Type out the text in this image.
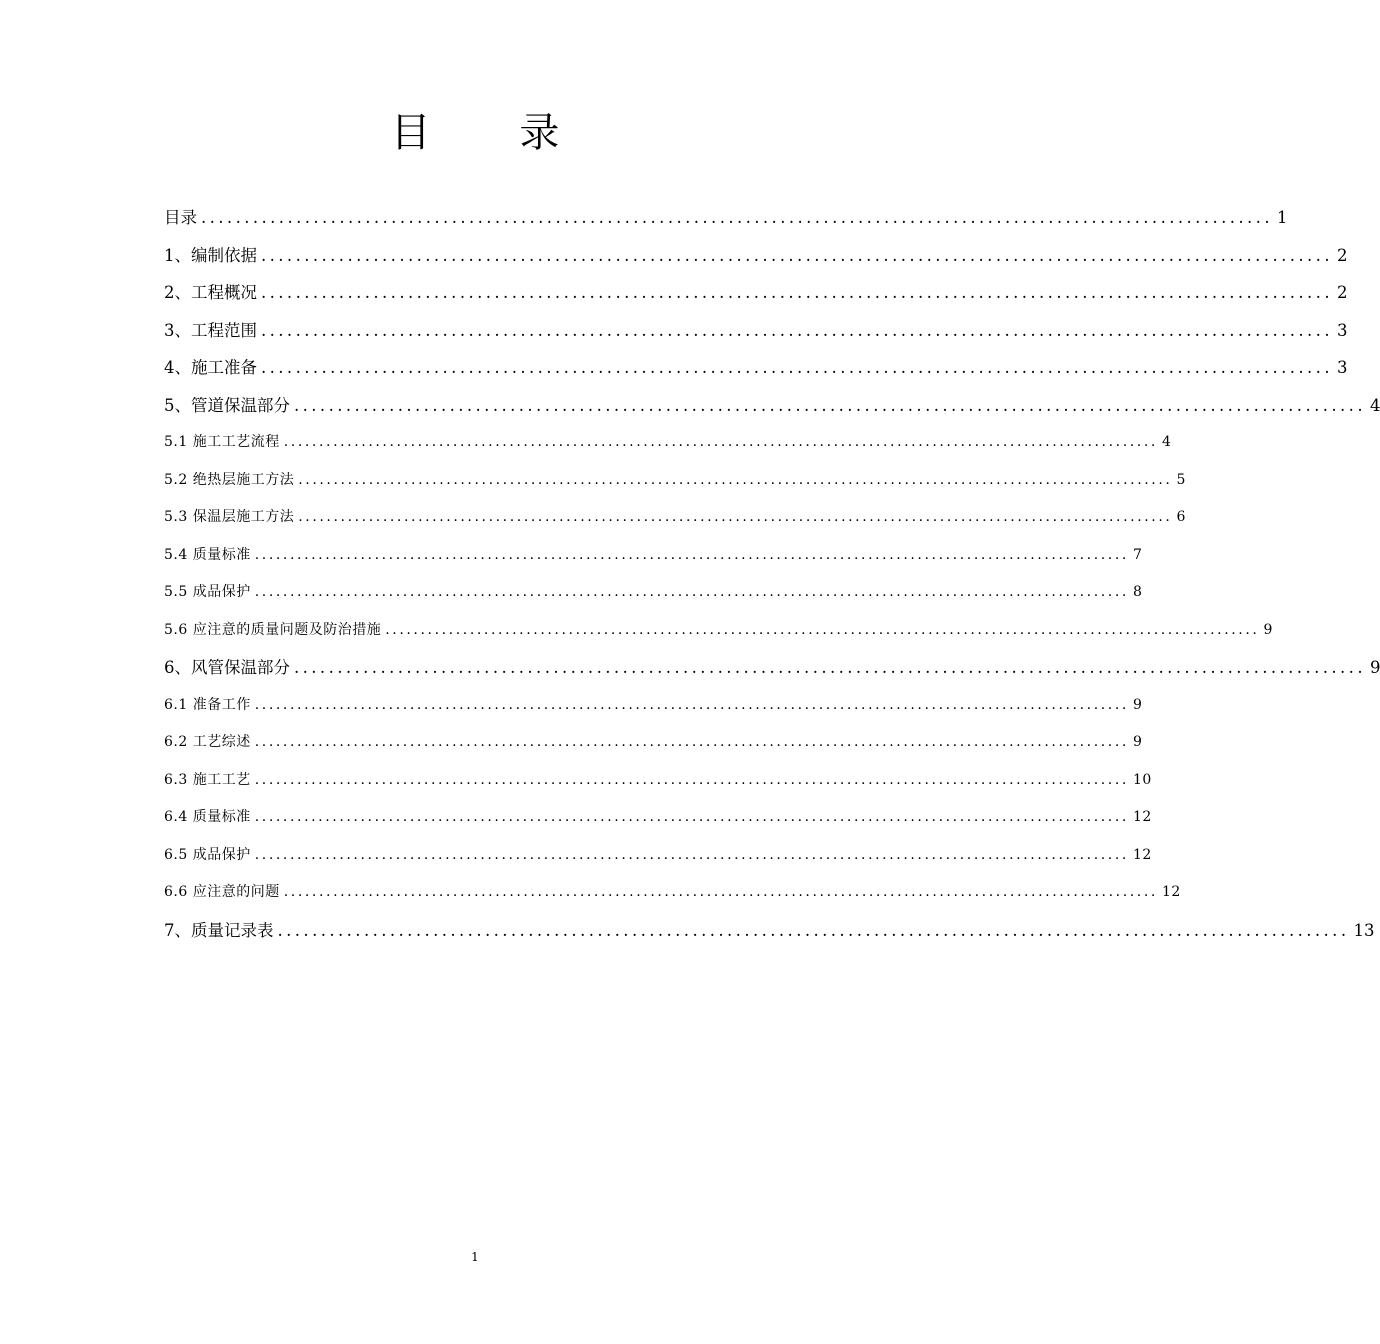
目 录
目录 ............................................................................................................................ 1
1、编制依据 ............................................................................................................................ 2
2、工程概况 ............................................................................................................................ 2
3、工程范围 ............................................................................................................................ 3
4、施工准备 ............................................................................................................................ 3
5、管道保温部分 ............................................................................................................................ 4
5.1 施工工艺流程 ............................................................................................................................ 4
5.2 绝热层施工方法 ............................................................................................................................ 5
5.3 保温层施工方法 ............................................................................................................................ 6
5.4 质量标准 ............................................................................................................................ 7
5.5 成品保护 ............................................................................................................................ 8
5.6 应注意的质量问题及防治措施 ............................................................................................................................ 9
6、风管保温部分 ............................................................................................................................ 9
6.1 准备工作 ............................................................................................................................ 9
6.2 工艺综述 ............................................................................................................................ 9
6.3 施工工艺 ............................................................................................................................ 10
6.4 质量标准 ............................................................................................................................ 12
6.5 成品保护 ............................................................................................................................ 12
6.6 应注意的问题 ............................................................................................................................ 12
7、质量记录表 ............................................................................................................................ 13
1
